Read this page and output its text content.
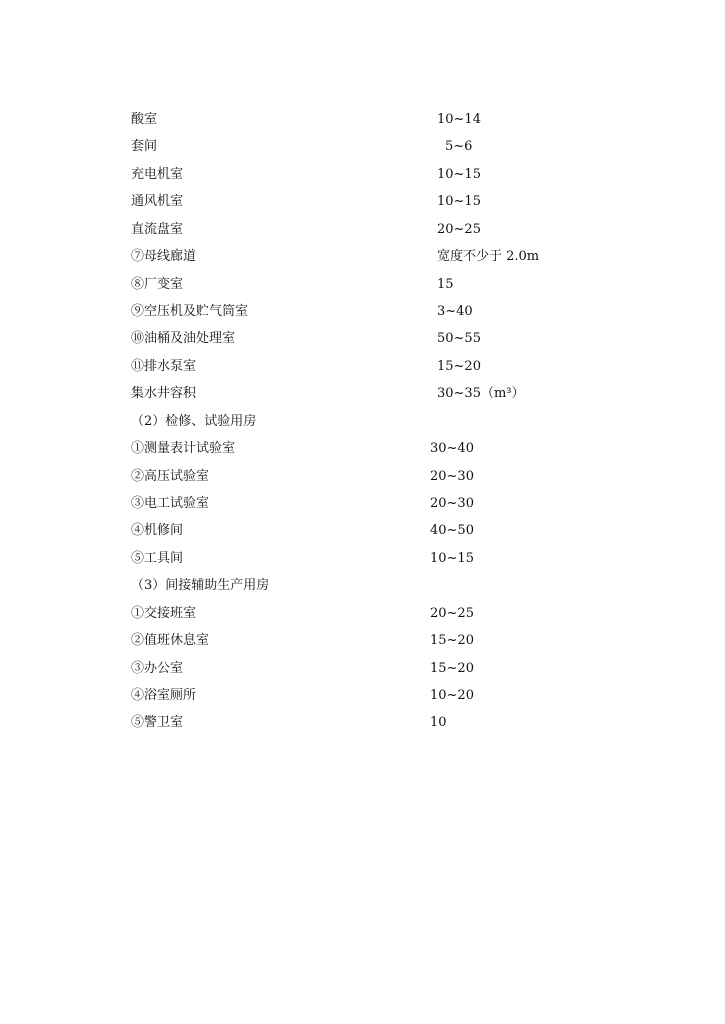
酸室	10~14
套间	5~6
充电机室	10~15
通风机室	10~15
直流盘室	20~25
⑦母线廊道	宽度不少于 2.0m
⑧厂变室	15
⑨空压机及贮气筒室	3~40
⑩油桶及油处理室	50~55
⑪排水泵室	15~20
集水井容积	30~35（m³）
（2）检修、试验用房
①测量表计试验室	30~40
②高压试验室	20~30
③电工试验室	20~30
④机修间	40~50
⑤工具间	10~15
（3）间接辅助生产用房
①交接班室	20~25
②值班休息室	15~20
③办公室	15~20
④浴室厕所	10~20
⑤警卫室	10
